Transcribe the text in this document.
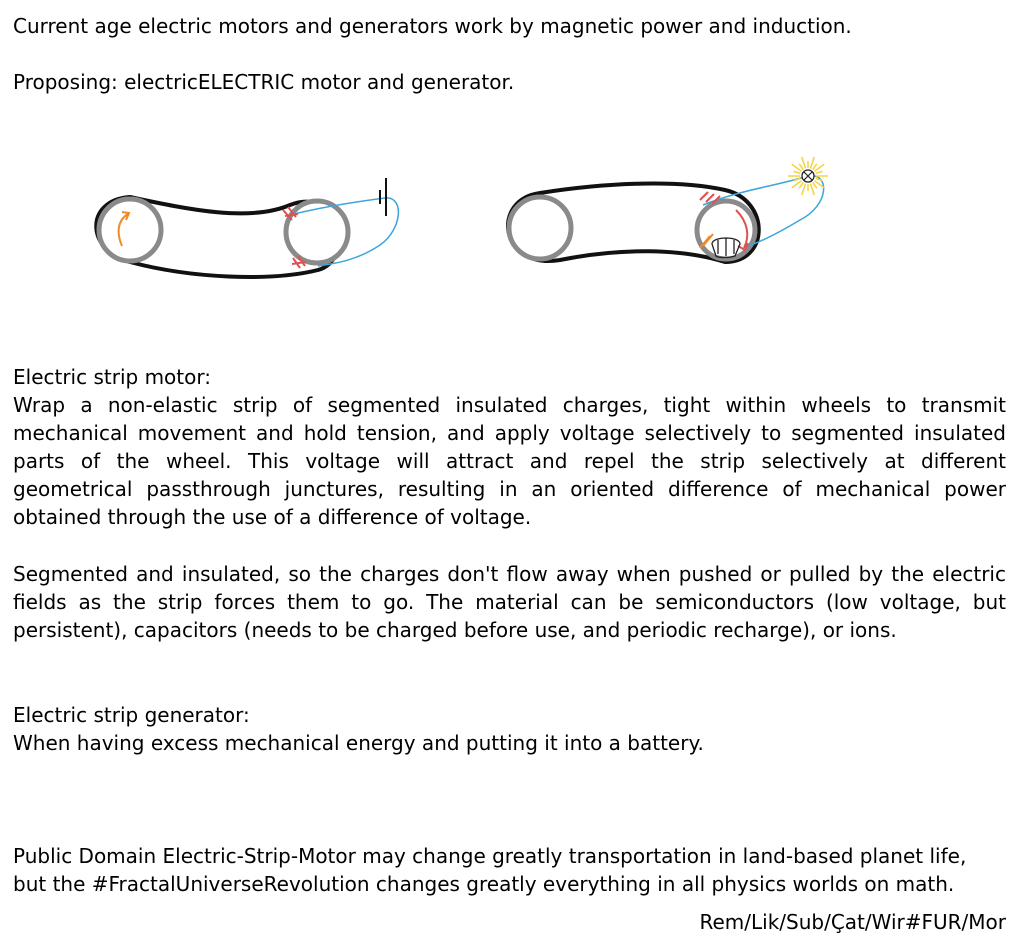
Current age electric motors and generators work by magnetic power and induction.
Proposing: electricELECTRIC motor and generator.
Electric strip motor:
Wrap a non-elastic strip of segmented insulated charges, tight within wheels to transmit
mechanical movement and hold tension, and apply voltage selectively to segmented insulated
parts of the wheel. This voltage will attract and repel the strip selectively at different
geometrical passthrough junctures, resulting in an oriented difference of mechanical power
obtained through the use of a difference of voltage.
Segmented and insulated, so the charges don't flow away when pushed or pulled by the electric
fields as the strip forces them to go. The material can be semiconductors (low voltage, but
persistent), capacitors (needs to be charged before use, and periodic recharge), or ions.
Electric strip generator:
When having excess mechanical energy and putting it into a battery.
Public Domain Electric-Strip-Motor may change greatly transportation in land-based planet life,
but the #FractalUniverseRevolution changes greatly everything in all physics worlds on math.
Rem/Lik/Sub/Çat/Wir#FUR/Mor
